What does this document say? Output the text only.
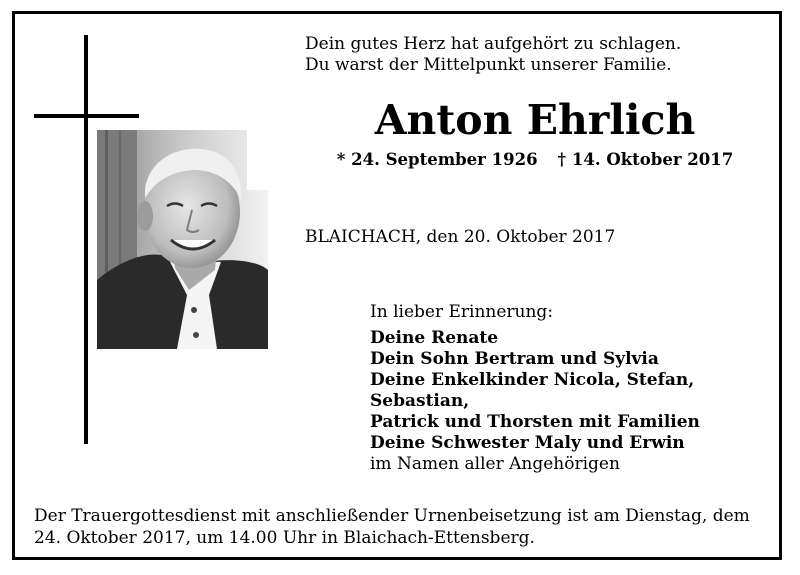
Dein gutes Herz hat aufgehört zu schlagen.
Du warst der Mittelpunkt unserer Familie.
Anton Ehrlich
* 24. September 1926 † 14. Oktober 2017
BLAICHACH, den 20. Oktober 2017
In lieber Erinnerung:
Deine Renate
Dein Sohn Bertram und Sylvia
Deine Enkelkinder Nicola, Stefan, Sebastian,
Patrick und Thorsten mit Familien
Deine Schwester Maly und Erwin
im Namen aller Angehörigen
Der Trauergottesdienst mit anschließender Urnenbeisetzung ist am Dienstag, dem
24. Oktober 2017, um 14.00 Uhr in Blaichach-Ettensberg.
